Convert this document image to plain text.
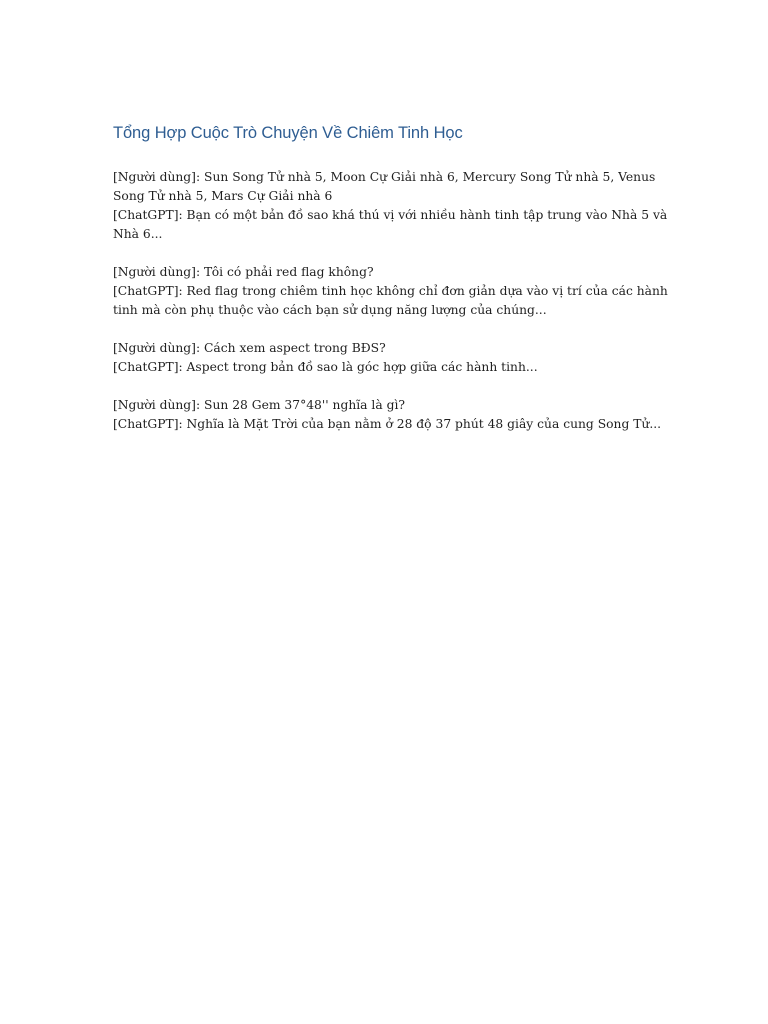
Tổng Hợp Cuộc Trò Chuyện Về Chiêm Tinh Học

[Người dùng]: Sun Song Tử nhà 5, Moon Cự Giải nhà 6, Mercury Song Tử nhà 5, Venus Song Tử nhà 5, Mars Cự Giải nhà 6

[ChatGPT]: Bạn có một bản đồ sao khá thú vị với nhiều hành tinh tập trung vào Nhà 5 và Nhà 6...

[Người dùng]: Tôi có phải red flag không?

[ChatGPT]: Red flag trong chiêm tinh học không chỉ đơn giản dựa vào vị trí của các hành tinh mà còn phụ thuộc vào cách bạn sử dụng năng lượng của chúng...

[Người dùng]: Cách xem aspect trong BĐS?

[ChatGPT]: Aspect trong bản đồ sao là góc hợp giữa các hành tinh...

[Người dùng]: Sun 28 Gem 37°48'' nghĩa là gì?

[ChatGPT]: Nghĩa là Mặt Trời của bạn nằm ở 28 độ 37 phút 48 giây của cung Song Tử...
